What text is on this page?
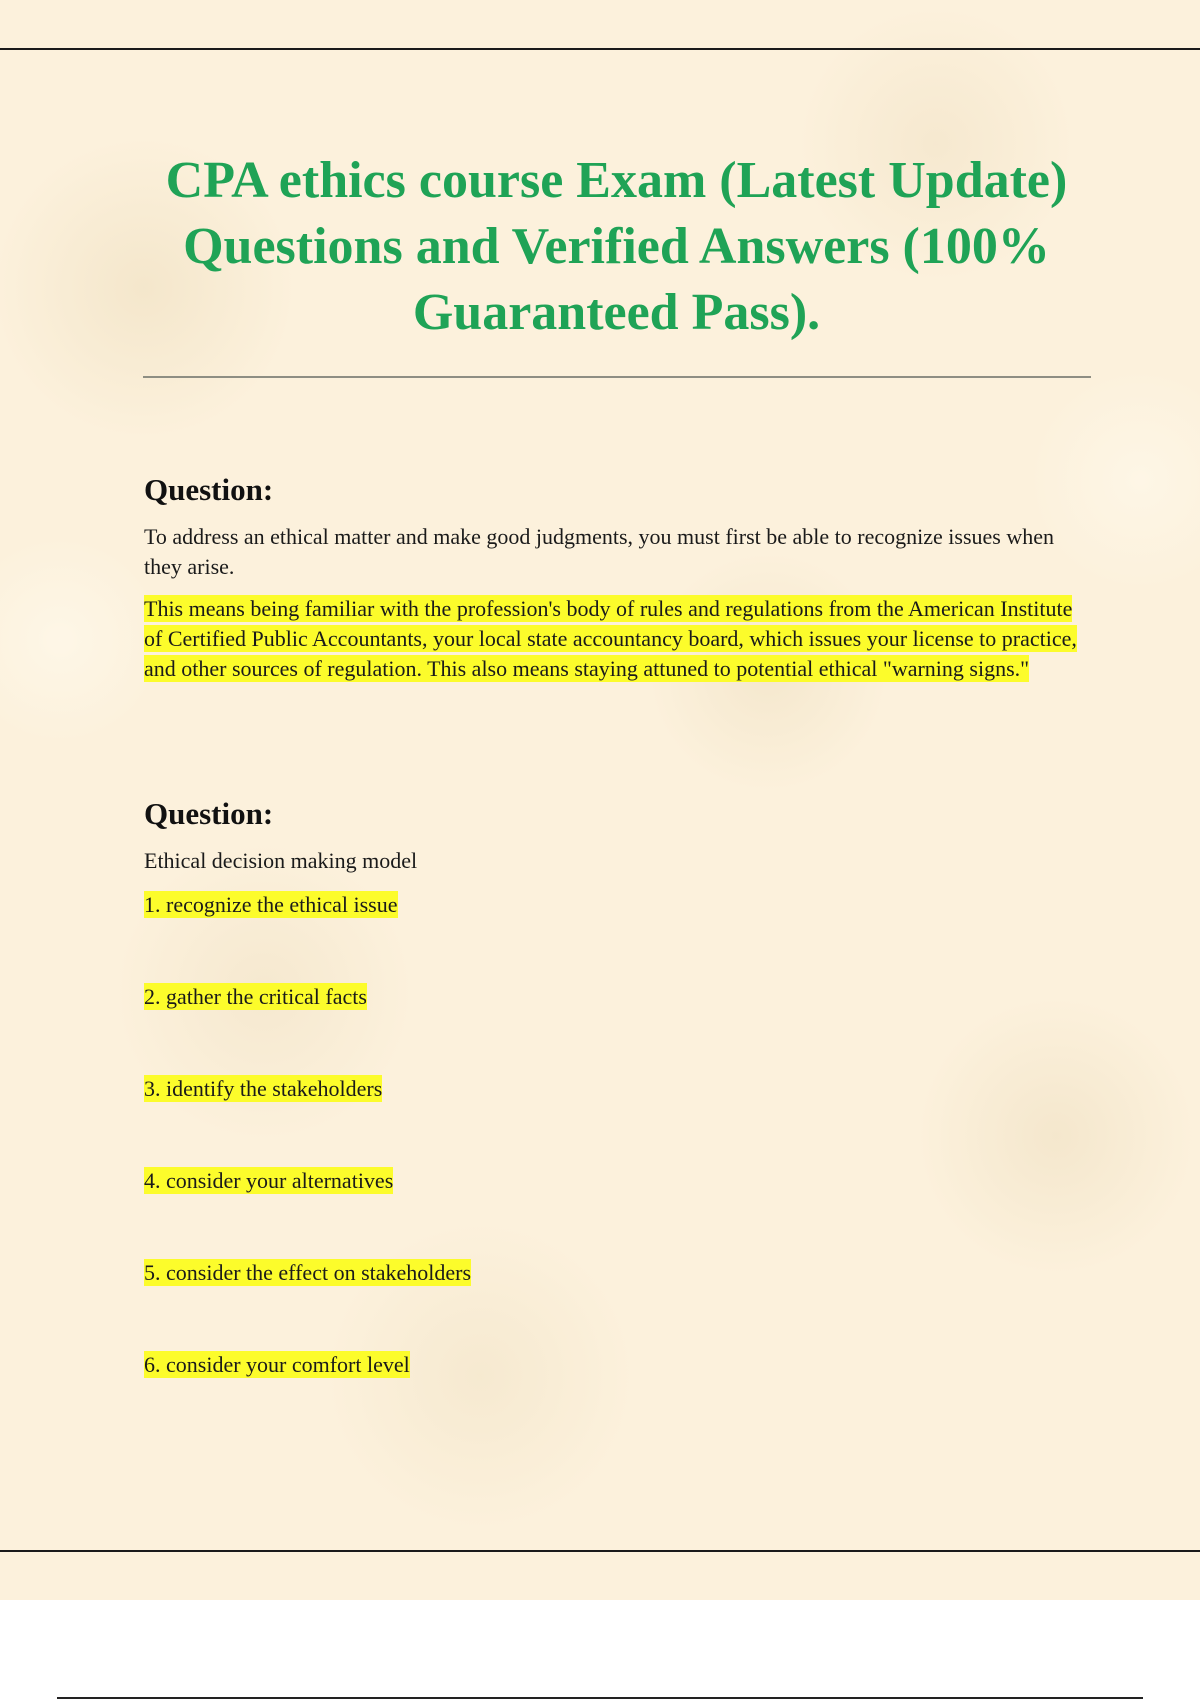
CPA ethics course Exam (Latest Update) Questions and Verified Answers (100% Guaranteed Pass).
Question:

To address an ethical matter and make good judgments, you must first be able to recognize issues when they arise.

This means being familiar with the profession's body of rules and regulations from the American Institute of Certified Public Accountants, your local state accountancy board, which issues your license to practice, and other sources of regulation. This also means staying attuned to potential ethical "warning signs."

Question:

Ethical decision making model

1. recognize the ethical issue
2. gather the critical facts
3. identify the stakeholders
4. consider your alternatives
5. consider the effect on stakeholders
6. consider your comfort level
